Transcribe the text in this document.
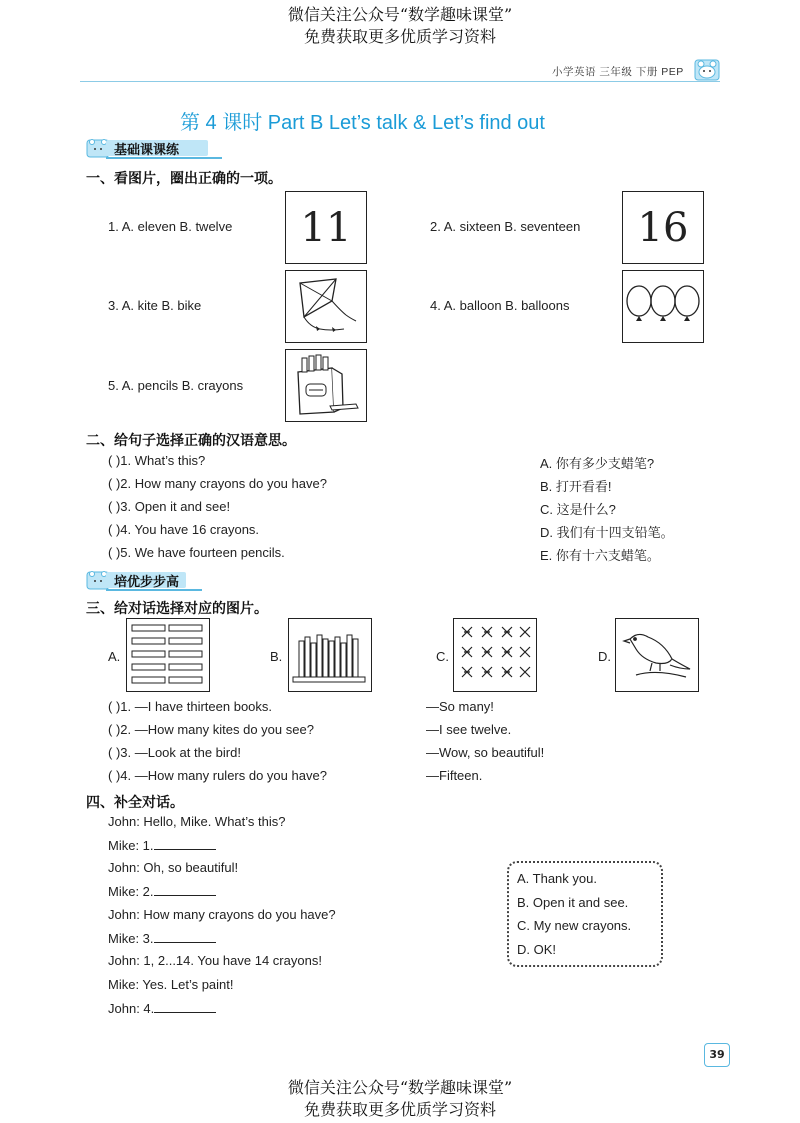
微信关注公众号“数学趣味课堂”
免费获取更多优质学习资料
小学英语 三年级 下册 PEP
第 4 课时 Part B Let’s talk & Let’s find out
基础课课练
一、看图片，圈出正确的一项。
1. A. eleven B. twelve	11	2. A. sixteen B. seventeen	16
3. A. kite B. bike	4. A. balloon B. balloons
5. A. pencils B. crayons
二、给句子选择正确的汉语意思。
( )1. What’s this?	A. 你有多少支蜡笔?
( )2. How many crayons do you have?	B. 打开看看!
( )3. Open it and see!	C. 这是什么?
( )4. You have 16 crayons.	D. 我们有十四支铅笔。
( )5. We have fourteen pencils.	E. 你有十六支蜡笔。
培优步步高
三、给对话选择对应的图片。
A.	B.	C.	D.
( )1. —I have thirteen books.	—So many!
( )2. —How many kites do you see?	—I see twelve.
( )3. —Look at the bird!	—Wow, so beautiful!
( )4. —How many rulers do you have?	—Fifteen.
四、补全对话。
John: Hello, Mike. What’s this?
Mike: 1.
John: Oh, so beautiful!
Mike: 2.
John: How many crayons do you have?
Mike: 3.
John: 1, 2...14. You have 14 crayons!
Mike: Yes. Let’s paint!
John: 4.
A. Thank you.
B. Open it and see.
C. My new crayons.
D. OK!
39
微信关注公众号“数学趣味课堂”
免费获取更多优质学习资料
